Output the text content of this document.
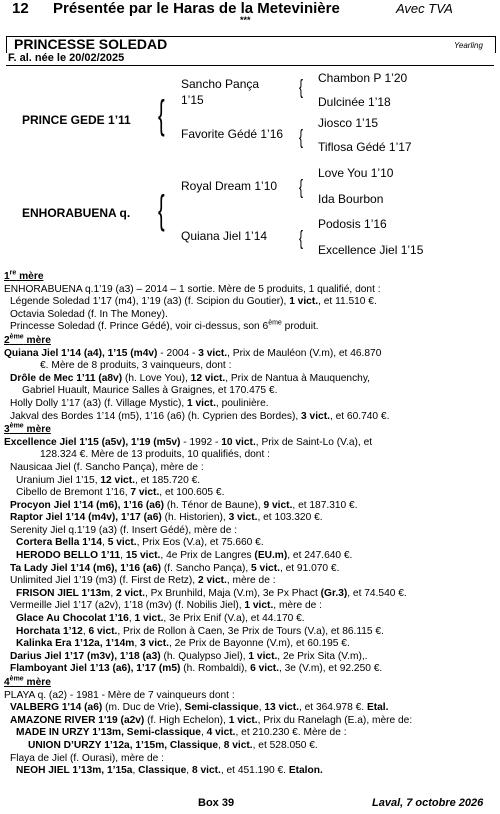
12 Présentée par le Haras de la Metevinière	Avec TVA
***
PRINCESSE SOLEDAD	Yearling
F. al. née le 20/02/2025
PRINCE GEDE 1’11
ENHORABUENA q.
{
{
Sancho Pança 1’15
Favorite Gédé 1’16
Royal Dream 1’10
Quiana Jiel 1’14
{
{
{
{
Chambon P 1’20
Dulcinée 1’18
Jiosco 1’15
Tiflosa Gédé 1’17
Love You 1’10
Ida Bourbon
Podosis 1’16
Excellence Jiel 1’15
1re mère
ENHORABUENA q.1’19 (a3) – 2014 – 1 sortie. Mère de 5 produits, 1 qualifié, dont :
Légende Soledad 1’17 (m4), 1’19 (a3) (f. Scipion du Goutier), 1 vict., et 11.510 €.
Octavia Soledad (f. In The Money).
Princesse Soledad (f. Prince Gédé), voir ci-dessus, son 6ème produit.
2ème mère
Quiana Jiel 1’14 (a4), 1’15 (m4v) - 2004 - 3 vict., Prix de Mauléon (V.m), et 46.870
€. Mère de 8 produits, 3 vainqueurs, dont :
Drôle de Mec 1’11 (a8v) (h. Love You), 12 vict., Prix de Nantua à Mauquenchy,
Gabriel Huault, Maurice Salles à Graignes, et 170.475 €.
Holly Dolly 1’17 (a3) (f. Village Mystic), 1 vict., poulinière.
Jakval des Bordes 1’14 (m5), 1’16 (a6) (h. Cyprien des Bordes), 3 vict., et 60.740 €.
3ème mère
Excellence Jiel 1'15 (a5v), 1'19 (m5v) - 1992 - 10 vict., Prix de Saint-Lo (V.a), et
128.324 €. Mère de 13 produits, 10 qualifiés, dont :
Nausicaa Jiel (f. Sancho Pança), mère de :
Uranium Jiel 1’15, 12 vict., et 185.720 €.
Cibello de Bremont 1’16, 7 vict., et 100.605 €.
Procyon Jiel 1’14 (m6), 1’16 (a6) (h. Ténor de Baune), 9 vict., et 187.310 €.
Raptor Jiel 1’14 (m4v), 1’17 (a6) (h. Historien), 3 vict., et 103.320 €.
Serenity Jiel q.1’19 (a3) (f. Insert Gédé), mère de :
Cortera Bella 1’14, 5 vict., Prix Eos (V.a), et 75.660 €.
HERODO BELLO 1’11, 15 vict., 4e Prix de Langres (EU.m), et 247.640 €.
Ta Lady Jiel 1’14 (m6), 1’16 (a6) (f. Sancho Pança), 5 vict., et 91.070 €.
Unlimited Jiel 1’19 (m3) (f. First de Retz), 2 vict., mère de :
FRISON JIEL 1’13m, 2 vict., Px Brunhild, Maja (V.m), 3e Px Phact (Gr.3), et 74.540 €.
Vermeille Jiel 1’17 (a2v), 1’18 (m3v) (f. Nobilis Jiel), 1 vict., mère de :
Glace Au Chocolat 1’16, 1 vict., 3e Prix Enif (V.a), et 44.170 €.
Horchata 1’12, 6 vict., Prix de Rollon à Caen, 3e Prix de Tours (V.a), et 86.115 €.
Kalinka Era 1’12a, 1’14m, 3 vict., 2e Prix de Bayonne (V.m), et 60.195 €.
Darius Jiel 1’17 (m3v), 1’18 (a3) (h. Qualypso Jiel), 1 vict., 2e Prix Sita (V.m),.
Flamboyant Jiel 1’13 (a6), 1’17 (m5) (h. Rombaldi), 6 vict., 3e (V.m), et 92.250 €.
4ème mère
PLAYA q. (a2) - 1981 - Mère de 7 vainqueurs dont :
VALBERG 1'14 (a6) (m. Duc de Vrie), Semi-classique, 13 vict., et 364.978 €. Etal.
AMAZONE RIVER 1'19 (a2v) (f. High Echelon), 1 vict., Prix du Ranelagh (E.a), mère de:
MADE IN URZY 1’13m, Semi-classique, 4 vict., et 210.230 €. Mère de :
UNION D’URZY 1’12a, 1’15m, Classique, 8 vict., et 528.050 €.
Flaya de Jiel (f. Ourasi), mère de :
NEOH JIEL 1’13m, 1’15a, Classique, 8 vict., et 451.190 €. Etalon.
Box 39	Laval, 7 octobre 2026
